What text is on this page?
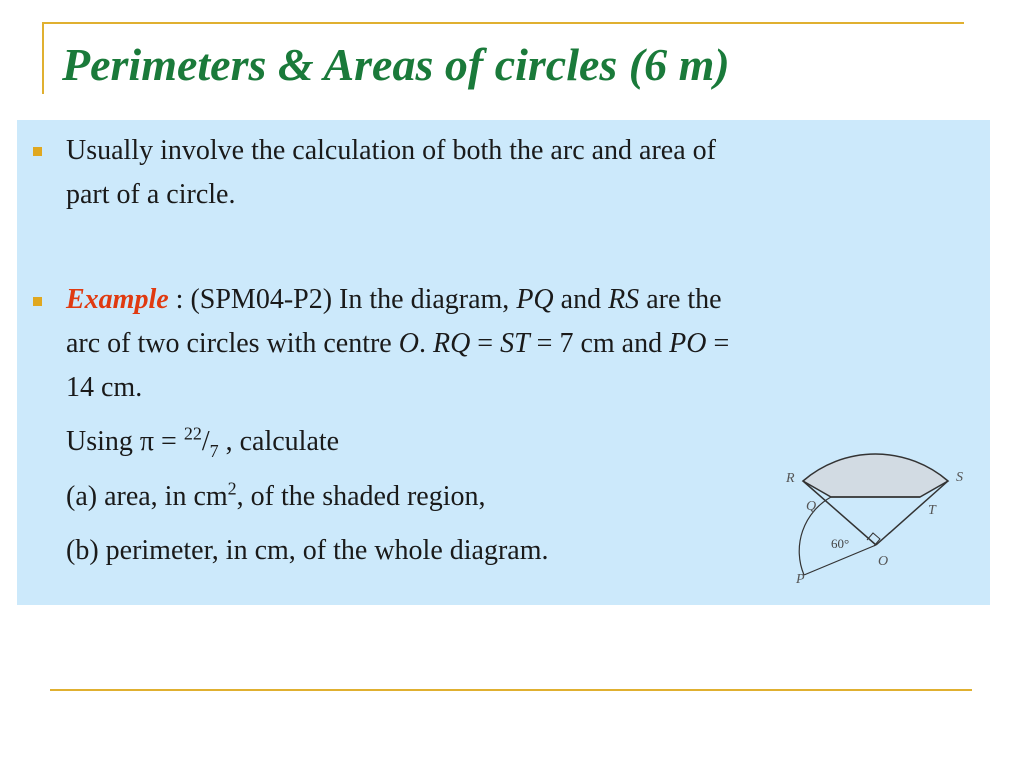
Perimeters & Areas of circles (6 m)
Usually involve the calculation of both the arc and area of
part of a circle.
Example : (SPM04-P2) In the diagram, PQ and RS are the
arc of two circles with centre O. RQ = ST = 7 cm and PO =
14 cm.
Using $\pi = ^{22}/_7$ , calculate
(a) area, in $cm^2$, of the shaded region,
(b) perimeter, in cm, of the whole diagram.
R	S
Q	T
O
P
60°
